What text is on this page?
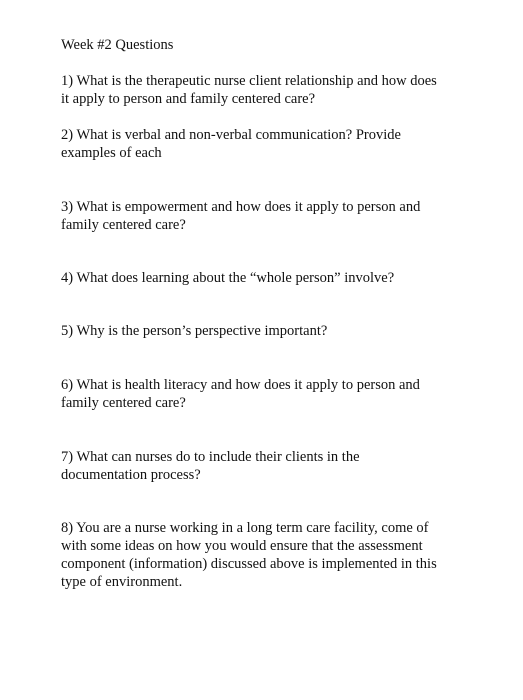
Week #2 Questions
1) What is the therapeutic nurse client relationship and how does
it apply to person and family centered care?
2) What is verbal and non-verbal communication? Provide
examples of each
3) What is empowerment and how does it apply to person and
family centered care?
4) What does learning about the “whole person” involve?
5) Why is the person’s perspective important?
6) What is health literacy and how does it apply to person and
family centered care?
7) What can nurses do to include their clients in the
documentation process?
8) You are a nurse working in a long term care facility, come of
with some ideas on how you would ensure that the assessment
component (information) discussed above is implemented in this
type of environment.
